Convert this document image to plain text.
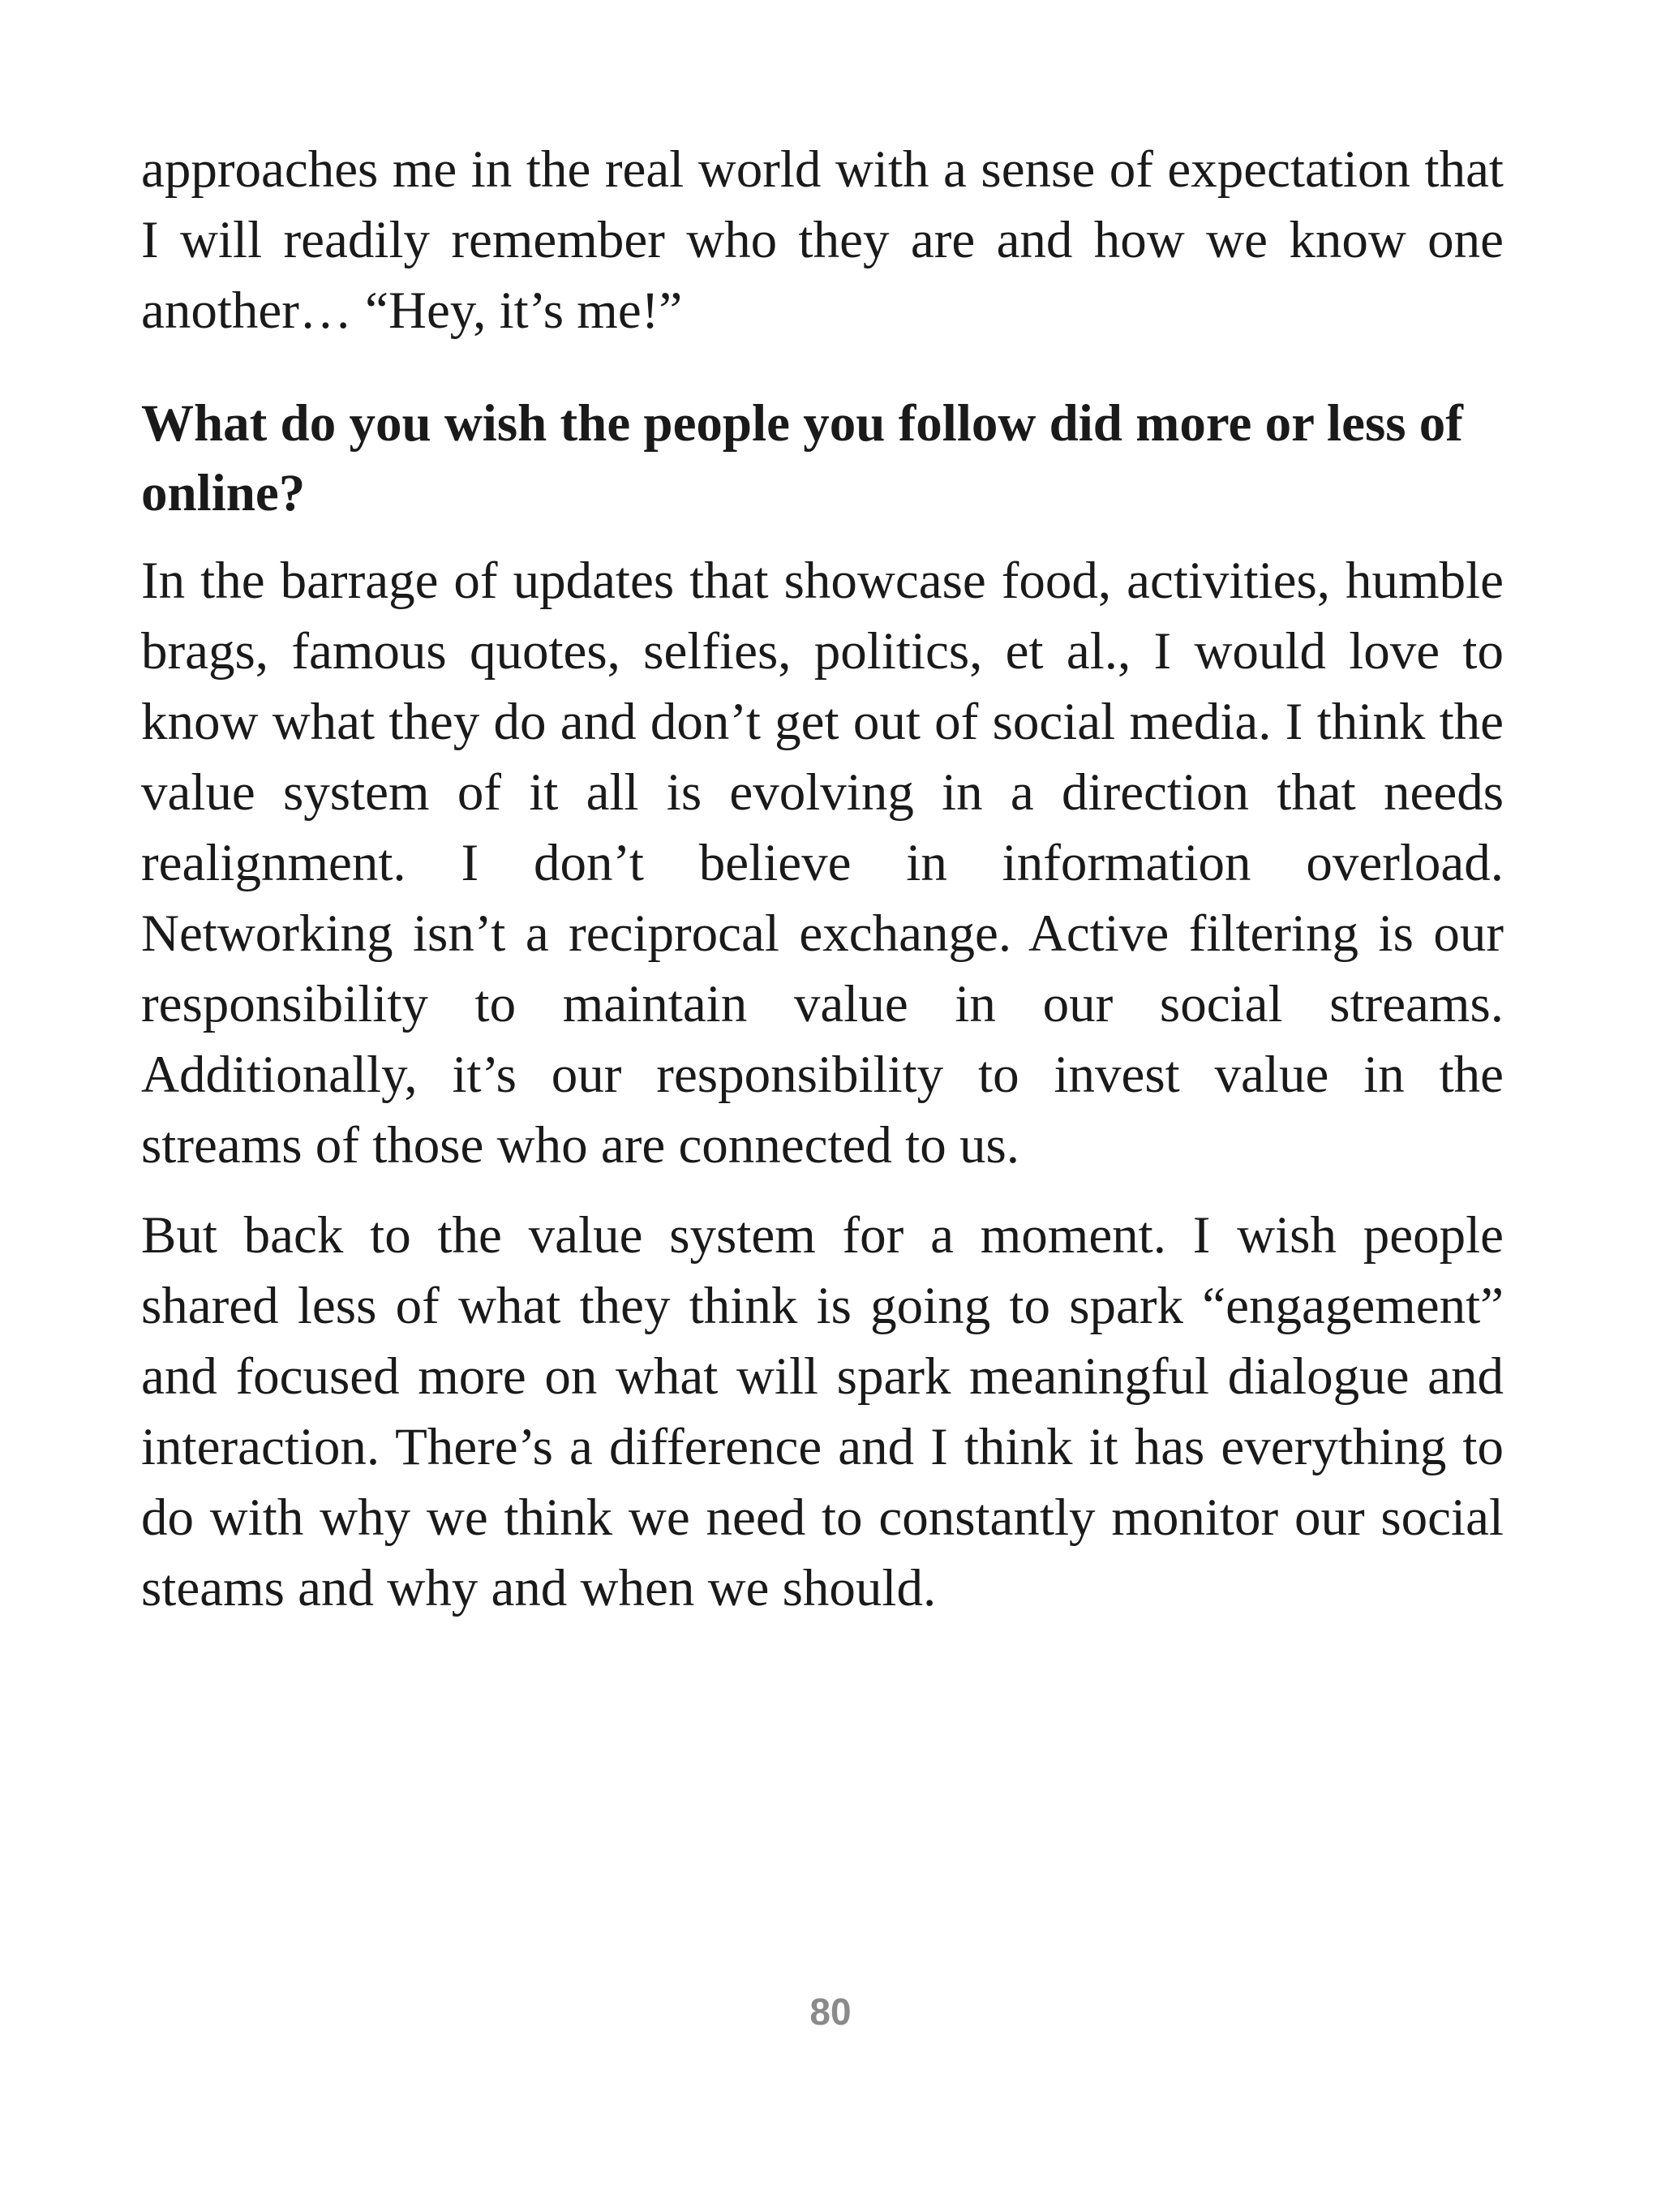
approaches me in the real world with a sense of expectation that I will readily remember who they are and how we know one another… “Hey, it’s me!”

What do you wish the people you follow did more or less of online?

In the barrage of updates that showcase food, activities, humble brags, famous quotes, selfies, politics, et al., I would love to know what they do and don’t get out of social media. I think the value system of it all is evolving in a direction that needs realignment. I don’t believe in information overload. Networking isn’t a reciprocal exchange. Active filtering is our responsibility to maintain value in our social streams. Additionally, it’s our responsibility to invest value in the streams of those who are connected to us.

But back to the value system for a moment. I wish people shared less of what they think is going to spark “engagement” and focused more on what will spark meaningful dialogue and interaction. There’s a difference and I think it has everything to do with why we think we need to constantly monitor our social steams and why and when we should.

80
